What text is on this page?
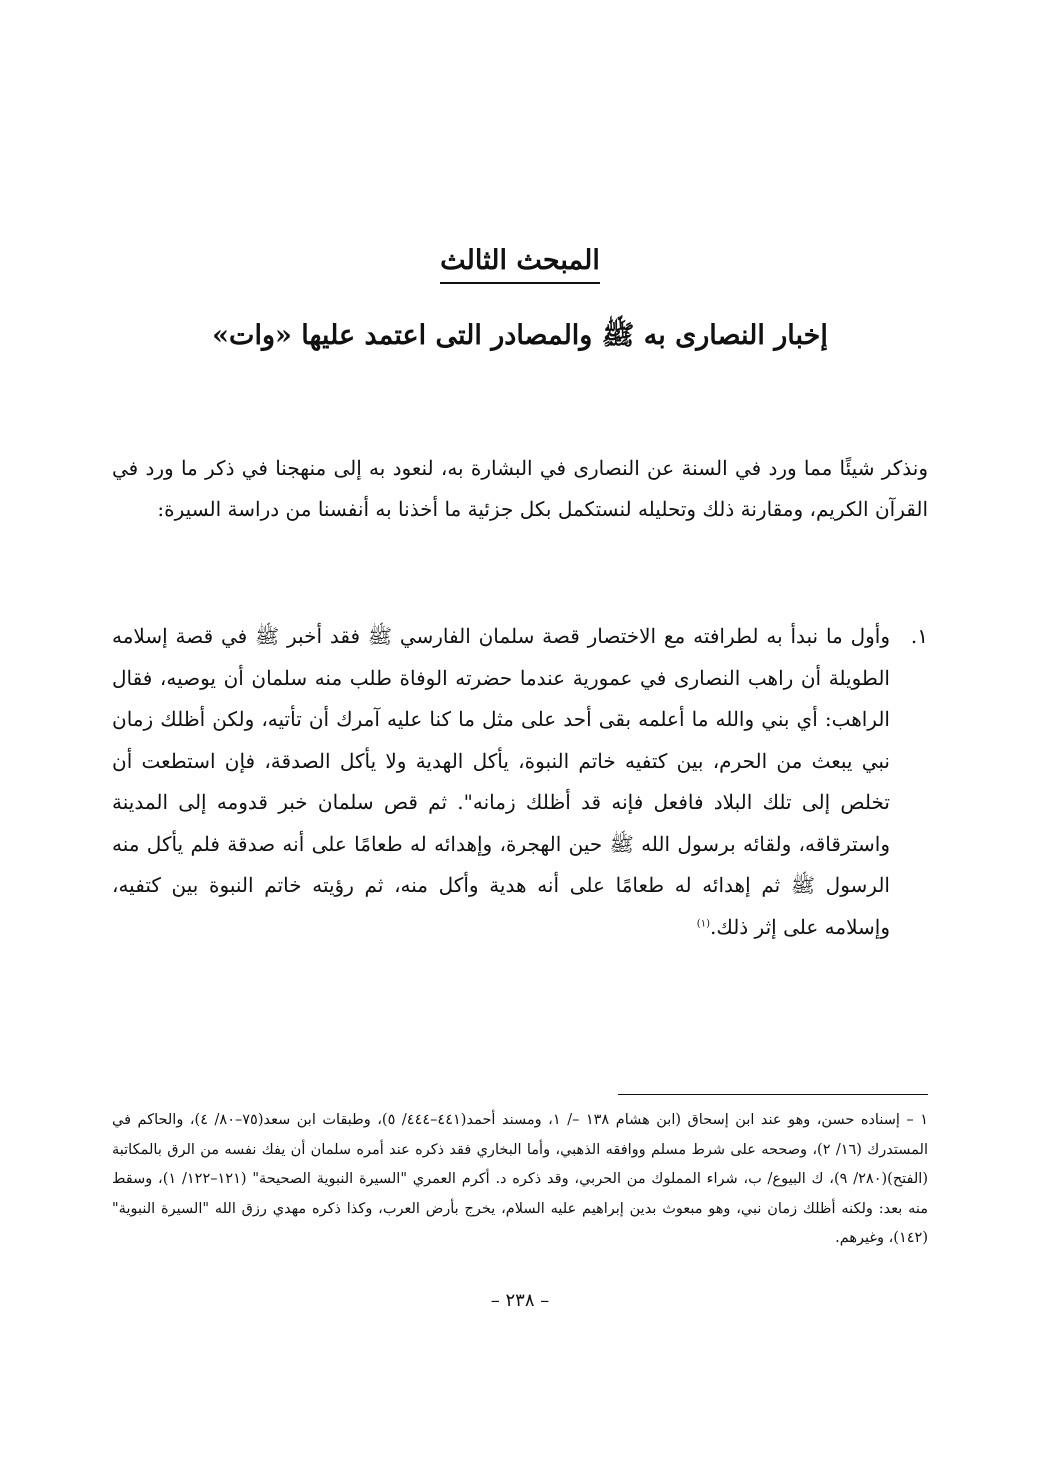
المبحث الثالث
إخبار النصارى به ﷺ والمصادر التى اعتمد عليها «وات»

ونذكر شيئًا مما ورد في السنة عن النصارى في البشارة به، لنعود به إلى منهجنا في ذكر ما ورد في القرآن الكريم، ومقارنة ذلك وتحليله لنستكمل بكل جزئية ما أخذنا به أنفسنا من دراسة السيرة:

١.
وأول ما نبدأ به لطرافته مع الاختصار قصة سلمان الفارسي ﷺ فقد أخبر ﷺ في قصة إسلامه الطويلة أن راهب النصارى في عمورية عندما حضرته الوفاة طلب منه سلمان أن يوصيه، فقال الراهب: أي بني والله ما أعلمه بقى أحد على مثل ما كنا عليه آمرك أن تأتيه، ولكن أظلك زمان نبي يبعث من الحرم، بين كتفيه خاتم النبوة، يأكل الهدية ولا يأكل الصدقة، فإن استطعت أن تخلص إلى تلك البلاد فافعل فإنه قد أظلك زمانه". ثم قص سلمان خبر قدومه إلى المدينة واسترقاقه، ولقائه برسول الله ﷺ حين الهجرة، وإهدائه له طعامًا على أنه صدقة فلم يأكل منه الرسول ﷺ ثم إهدائه له طعامًا على أنه هدية وأكل منه، ثم رؤيته خاتم النبوة بين كتفيه، وإسلامه على إثر ذلك.$^{(١)}$

١ – إسناده حسن، وهو عند ابن إسحاق (ابن هشام ١٣٨ –/ ١، ومسند أحمد(٤٤١–٤٤٤/ ٥)، وطبقات ابن سعد(٧٥–٨٠/ ٤)، والحاكم في المستدرك (١٦/ ٢)، وصححه على شرط مسلم ووافقه الذهبي، وأما البخاري فقد ذكره عند أمره سلمان أن يفك نفسه من الرق بالمكاتبة (الفتح)(٢٨٠/ ٩)، ك البيوع/ ب، شراء المملوك من الحربي، وقد ذكره د. أكرم العمري "السيرة النبوية الصحيحة" (١٢١–١٢٢/ ١)، وسقط منه بعد: ولكنه أظلك زمان نبي، وهو مبعوث بدين إبراهيم عليه السلام، يخرج بأرض العرب، وكذا ذكره مهدي رزق الله "السيرة النبوية"(١٤٢)، وغيرهم.

– ٢٣٨ –
